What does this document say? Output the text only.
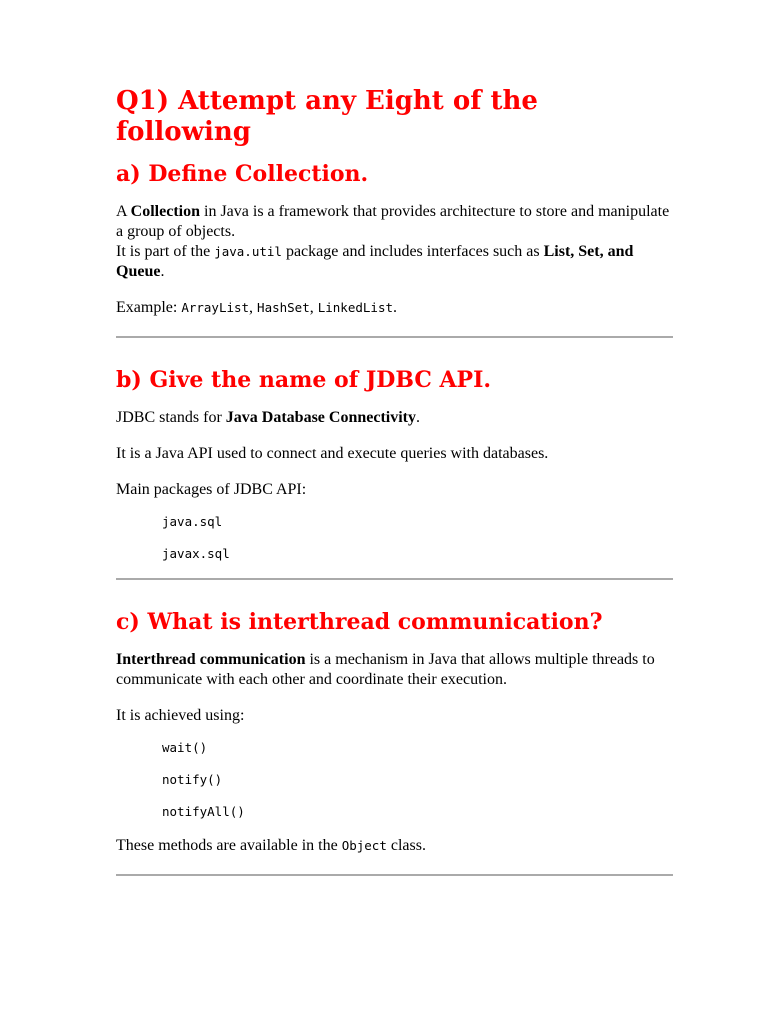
Q1) Attempt any Eight of the following
a) Define Collection.

A Collection in Java is a framework that provides architecture to store and manipulate a group of objects.

It is part of the java.util package and includes interfaces such as List, Set, and Queue.

Example: ArrayList, HashSet, LinkedList.

b) Give the name of JDBC API.

JDBC stands for Java Database Connectivity.

It is a Java API used to connect and execute queries with databases.

Main packages of JDBC API:

java.sql
javax.sql
c) What is interthread communication?

Interthread communication is a mechanism in Java that allows multiple threads to communicate with each other and coordinate their execution.

It is achieved using:

wait()
notify()
notifyAll()

These methods are available in the Object class.
